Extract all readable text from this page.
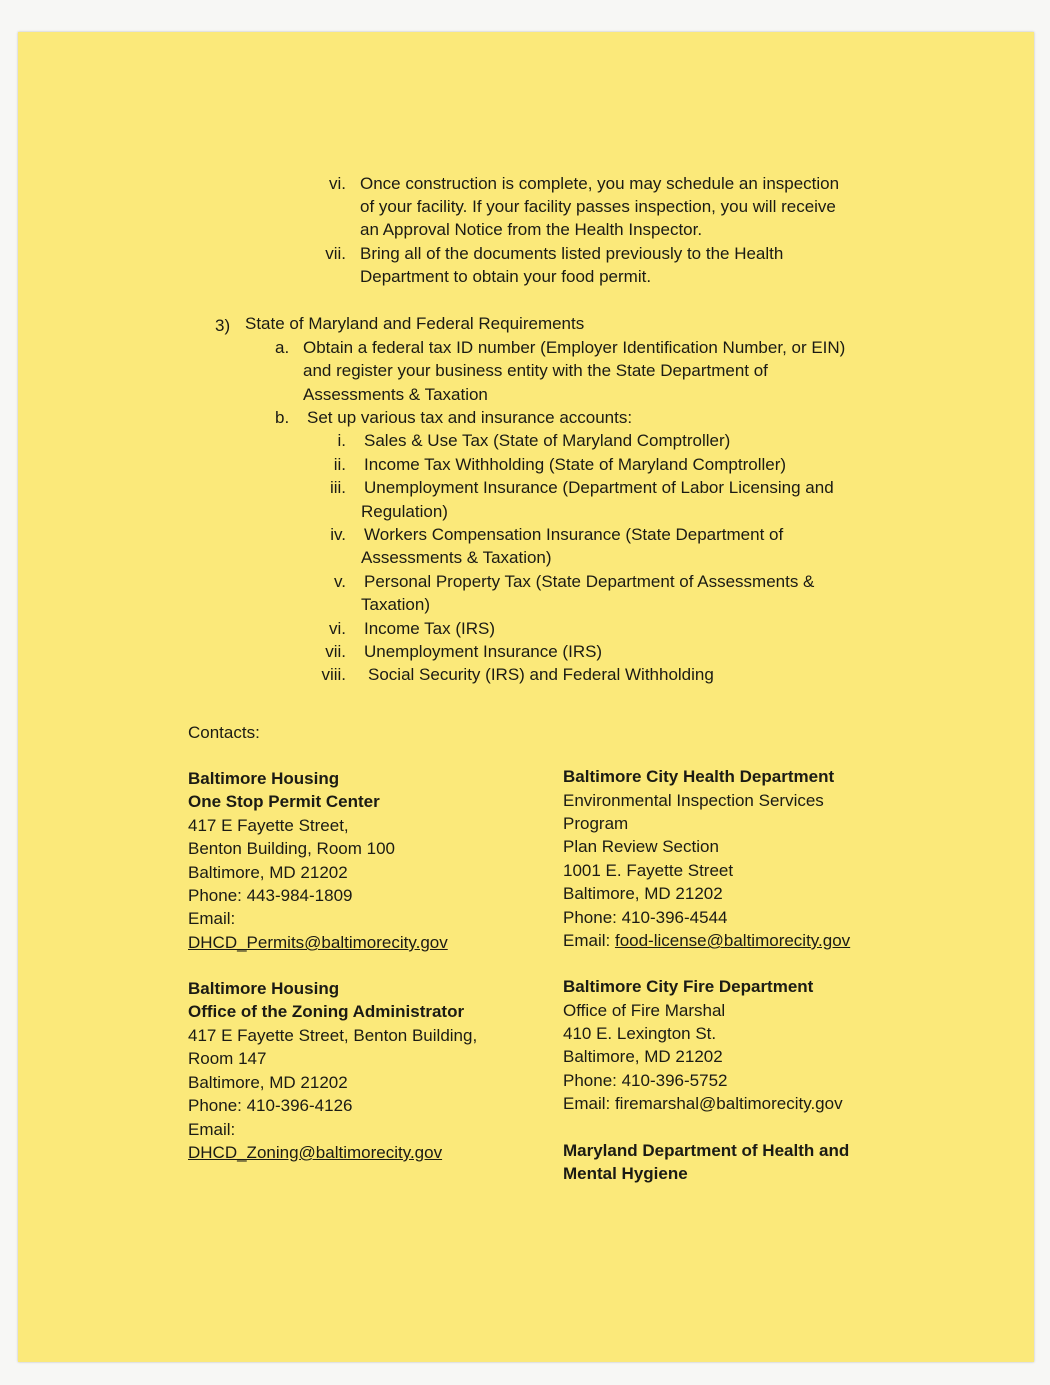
vi. Once construction is complete, you may schedule an inspection

of your facility. If your facility passes inspection, you will receive

an Approval Notice from the Health Inspector.

vii. Bring all of the documents listed previously to the Health

Department to obtain your food permit.

3) State of Maryland and Federal Requirements

a. Obtain a federal tax ID number (Employer Identification Number, or EIN)

and register your business entity with the State Department of

Assessments & Taxation

b. Set up various tax and insurance accounts:

i. Sales & Use Tax (State of Maryland Comptroller)

ii. Income Tax Withholding (State of Maryland Comptroller)

iii. Unemployment Insurance (Department of Labor Licensing and

Regulation)

iv. Workers Compensation Insurance (State Department of

Assessments & Taxation)

v. Personal Property Tax (State Department of Assessments &

Taxation)

vi. Income Tax (IRS)

vii. Unemployment Insurance (IRS)

viii. Social Security (IRS) and Federal Withholding

Contacts:

Baltimore Housing

One Stop Permit Center

417 E Fayette Street,

Benton Building, Room 100

Baltimore, MD 21202

Phone: 443-984-1809

Email:

DHCD_Permits@baltimorecity.gov

Baltimore Housing

Office of the Zoning Administrator

417 E Fayette Street, Benton Building,

Room 147

Baltimore, MD 21202

Phone: 410-396-4126

Email:

DHCD_Zoning@baltimorecity.gov

Baltimore City Health Department

Environmental Inspection Services

Program

Plan Review Section

1001 E. Fayette Street

Baltimore, MD 21202

Phone: 410-396-4544

Email: food-license@baltimorecity.gov

Baltimore City Fire Department

Office of Fire Marshal

410 E. Lexington St.

Baltimore, MD 21202

Phone: 410-396-5752

Email: firemarshal@baltimorecity.gov

Maryland Department of Health and

Mental Hygiene
